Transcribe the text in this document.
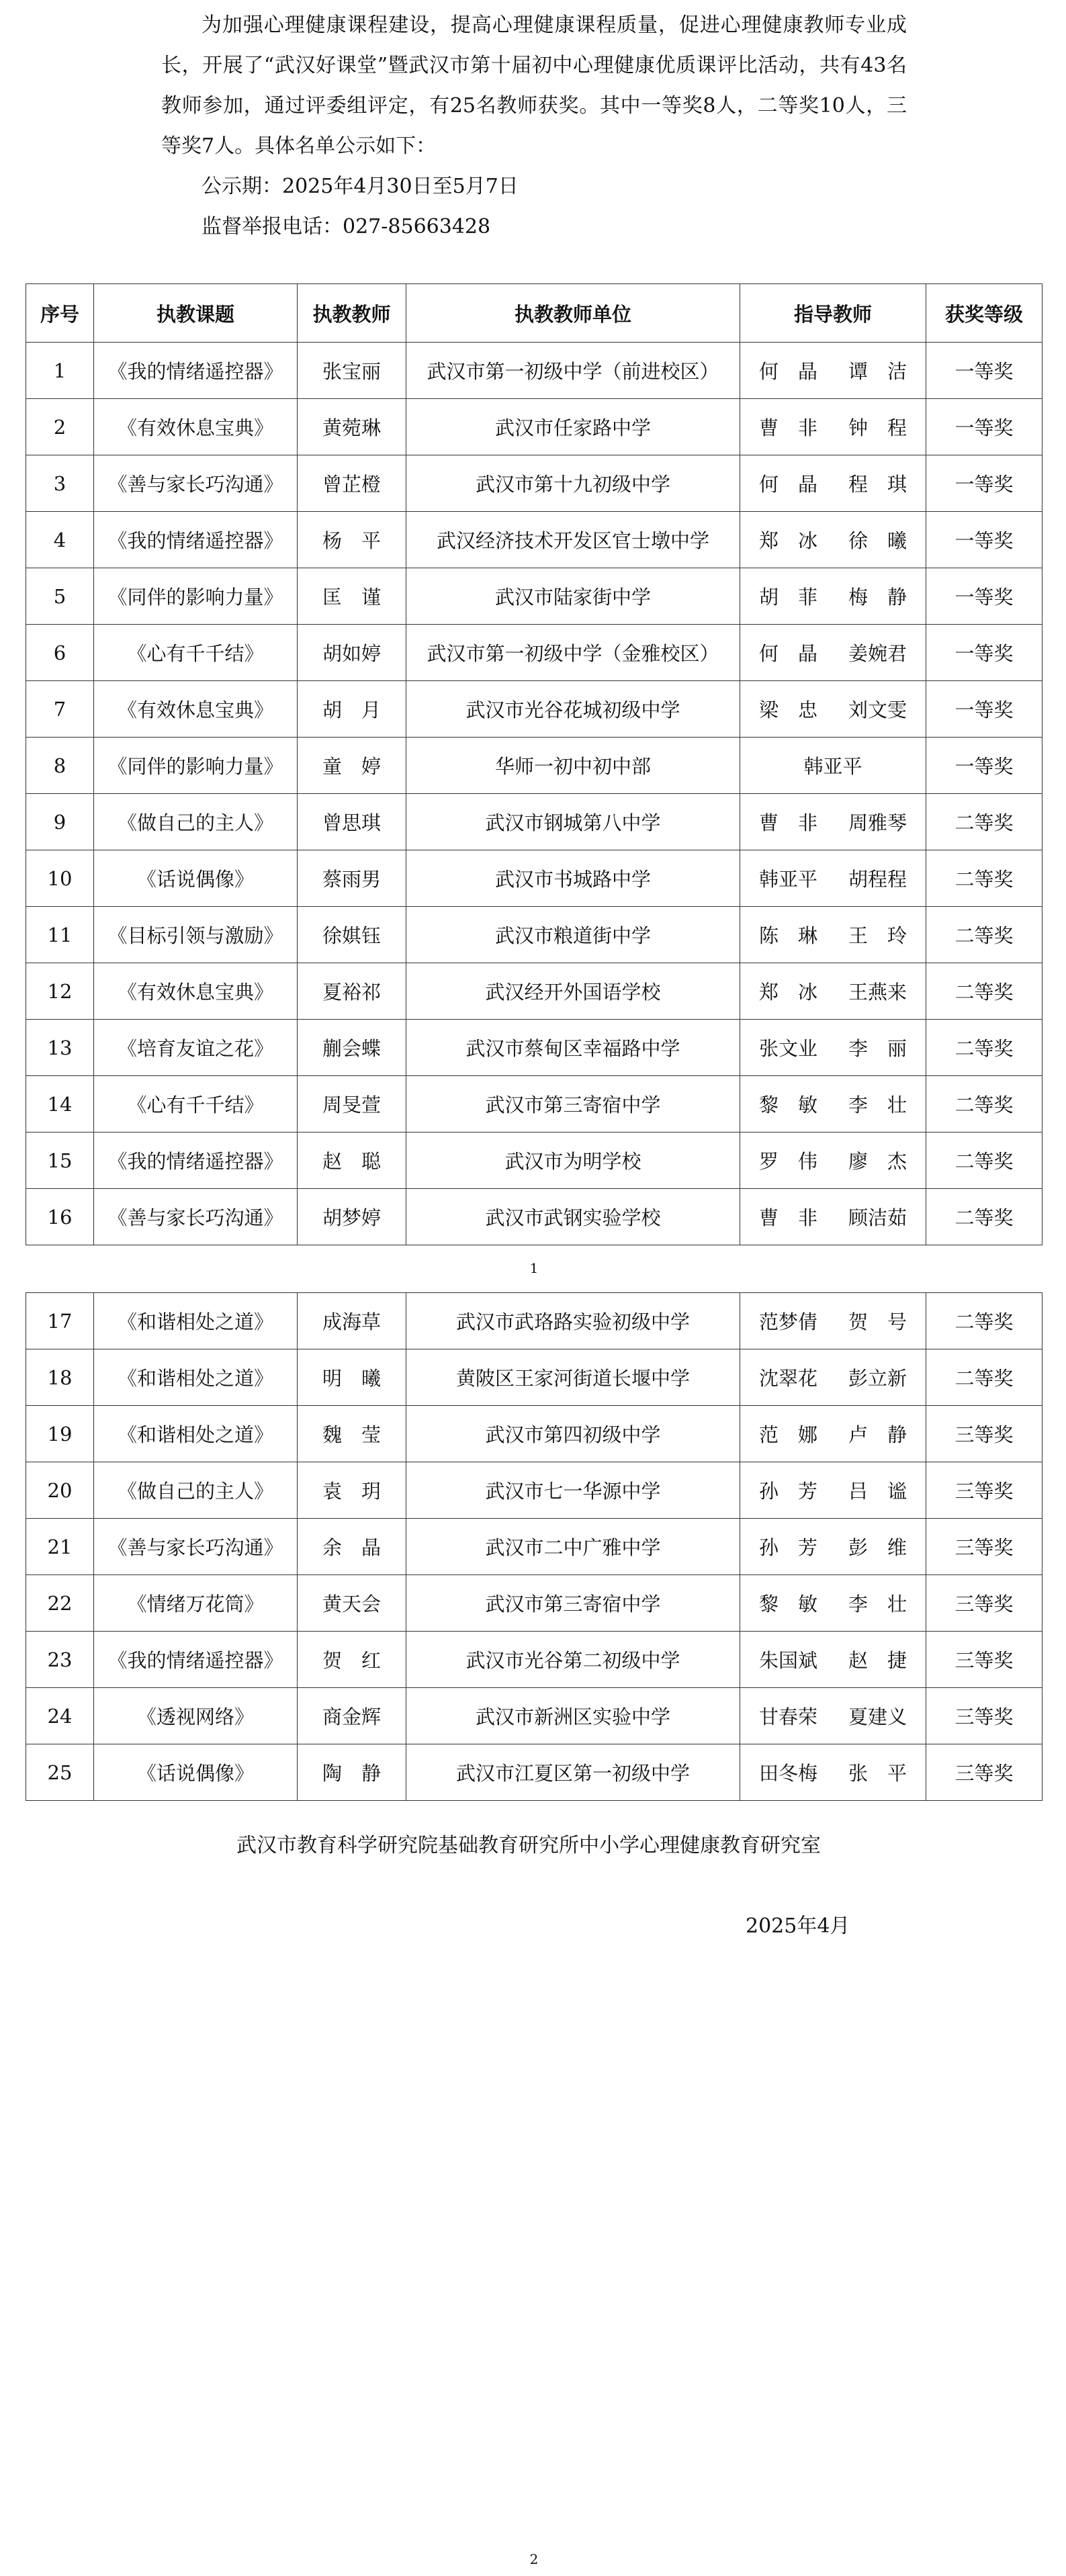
为加强心理健康课程建设，提高心理健康课程质量，促进心理健康教师专业成长，开展了“武汉好课堂”暨武汉市第十届初中心理健康优质课评比活动，共有43名教师参加，通过评委组评定，有25名教师获奖。其中一等奖8人，二等奖10人，三等奖7人。具体名单公示如下：

公示期：2025年4月30日至5月7日

监督举报电话：027-85663428

序号	执教课题	执教教师	执教教师单位	指导教师	获奖等级
1	《我的情绪遥控器》	张宝丽	武汉市第一初级中学（前进校区）	何　晶 谭　洁	一等奖
2	《有效休息宝典》	黄菀琳	武汉市任家路中学	曹　非 钟　程	一等奖
3	《善与家长巧沟通》	曾芷橙	武汉市第十九初级中学	何　晶 程　琪	一等奖
4	《我的情绪遥控器》	杨　平	武汉经济技术开发区官士墩中学	郑　冰 徐　曦	一等奖
5	《同伴的影响力量》	匡　谨	武汉市陆家街中学	胡　菲 梅　静	一等奖
6	《心有千千结》	胡如婷	武汉市第一初级中学（金雅校区）	何　晶 姜婉君	一等奖
7	《有效休息宝典》	胡　月	武汉市光谷花城初级中学	梁　忠 刘文雯	一等奖
8	《同伴的影响力量》	童　婷	华师一初中初中部	韩亚平	一等奖
9	《做自己的主人》	曾思琪	武汉市钢城第八中学	曹　非 周雅琴	二等奖
10	《话说偶像》	蔡雨男	武汉市书城路中学	韩亚平 胡程程	二等奖
11	《目标引领与激励》	徐娸钰	武汉市粮道街中学	陈　琳 王　玲	二等奖
12	《有效休息宝典》	夏裕祁	武汉经开外国语学校	郑　冰 王燕来	二等奖
13	《培育友谊之花》	蒯会蝶	武汉市蔡甸区幸福路中学	张文业 李　丽	二等奖
14	《心有千千结》	周旻萱	武汉市第三寄宿中学	黎　敏 李　壮	二等奖
15	《我的情绪遥控器》	赵　聪	武汉市为明学校	罗　伟 廖　杰	二等奖
16	《善与家长巧沟通》	胡梦婷	武汉市武钢实验学校	曹　非 顾洁茹	二等奖
1
17	《和谐相处之道》	成海草	武汉市武珞路实验初级中学	范梦倩 贺　号	二等奖
18	《和谐相处之道》	明　曦	黄陂区王家河街道长堰中学	沈翠花 彭立新	二等奖
19	《和谐相处之道》	魏　莹	武汉市第四初级中学	范　娜 卢　静	三等奖
20	《做自己的主人》	袁　玥	武汉市七一华源中学	孙　芳 吕　谧	三等奖
21	《善与家长巧沟通》	余　晶	武汉市二中广雅中学	孙　芳 彭　维	三等奖
22	《情绪万花筒》	黄天会	武汉市第三寄宿中学	黎　敏 李　壮	三等奖
23	《我的情绪遥控器》	贺　红	武汉市光谷第二初级中学	朱国斌 赵　捷	三等奖
24	《透视网络》	商金辉	武汉市新洲区实验中学	甘春荣 夏建义	三等奖
25	《话说偶像》	陶　静	武汉市江夏区第一初级中学	田冬梅 张　平	三等奖
武汉市教育科学研究院基础教育研究所中小学心理健康教育研究室
2025年4月
2
